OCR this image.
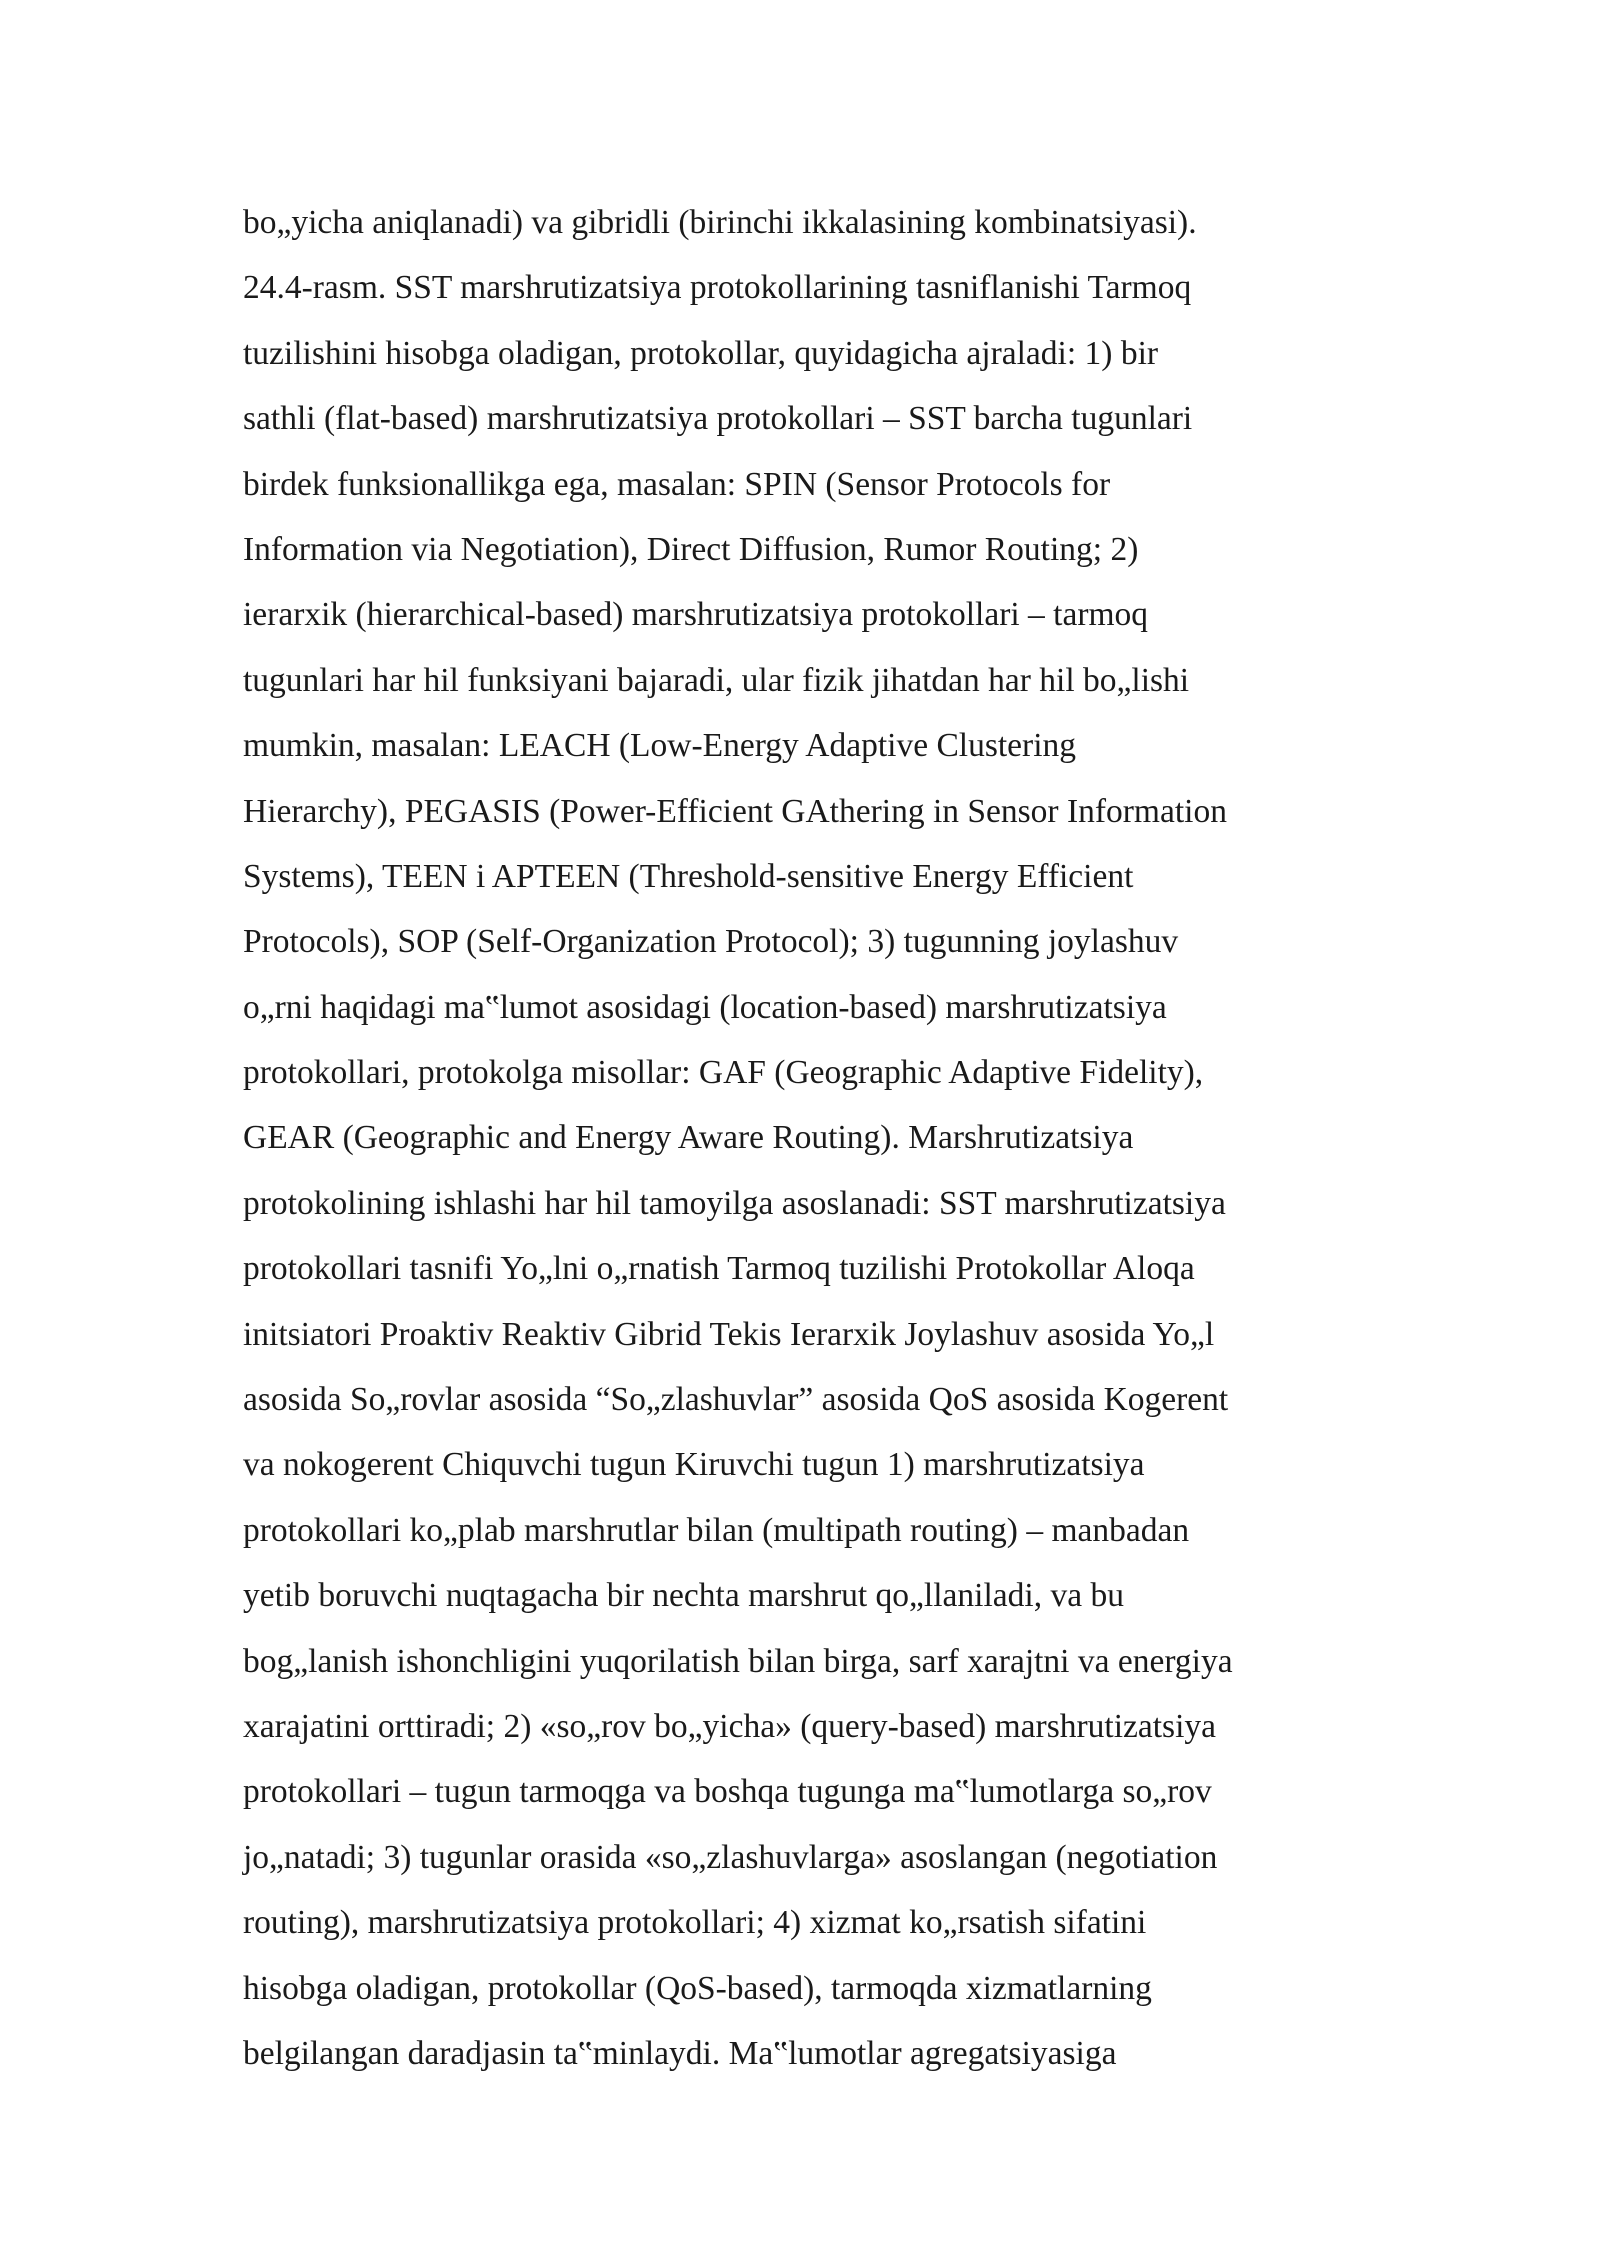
bo„yicha aniqlanadi) va gibridli (birinchi ikkalasining kombinatsiyasi).
24.4-rasm. SST marshrutizatsiya protokollarining tasniflanishi Tarmoq
tuzilishini hisobga oladigan, protokollar, quyidagicha ajraladi: 1) bir
sathli (flat-based) marshrutizatsiya protokollari – SST barcha tugunlari
birdek funksionallikga ega, masalan: SPIN (Sensor Protocols for
Information via Negotiation), Direct Diffusion, Rumor Routing; 2)
ierarxik (hierarchical-based) marshrutizatsiya protokollari – tarmoq
tugunlari har hil funksiyani bajaradi, ular fizik jihatdan har hil bo„lishi
mumkin, masalan: LEACH (Low-Energy Adaptive Clustering
Hierarchy), PEGASIS (Power-Efficient GAthering in Sensor Information
Systems), TEEN i APTEEN (Threshold-sensitive Energy Efficient
Protocols), SOP (Self-Organization Protocol); 3) tugunning joylashuv
o„rni haqidagi ma‟lumot asosidagi (location-based) marshrutizatsiya
protokollari, protokolga misollar: GAF (Geographic Adaptive Fidelity),
GEAR (Geographic and Energy Aware Routing). Marshrutizatsiya
protokolining ishlashi har hil tamoyilga asoslanadi: SST marshrutizatsiya
protokollari tasnifi Yo„lni o„rnatish Tarmoq tuzilishi Protokollar Aloqa
initsiatori Proaktiv Reaktiv Gibrid Tekis Ierarxik Joylashuv asosida Yo„l
asosida So„rovlar asosida “So„zlashuvlar” asosida QoS asosida Kogerent
va nokogerent Chiquvchi tugun Kiruvchi tugun 1) marshrutizatsiya
protokollari ko„plab marshrutlar bilan (multipath routing) – manbadan
yetib boruvchi nuqtagacha bir nechta marshrut qo„llaniladi, va bu
bog„lanish ishonchligini yuqorilatish bilan birga, sarf xarajtni va energiya
xarajatini orttiradi; 2) «so„rov bo„yicha» (query-based) marshrutizatsiya
protokollari – tugun tarmoqga va boshqa tugunga ma‟lumotlarga so„rov
jo„natadi; 3) tugunlar orasida «so„zlashuvlarga» asoslangan (negotiation
routing), marshrutizatsiya protokollari; 4) xizmat ko„rsatish sifatini
hisobga oladigan, protokollar (QoS-based), tarmoqda xizmatlarning
belgilangan daradjasin ta‟minlaydi. Ma‟lumotlar agregatsiyasiga
